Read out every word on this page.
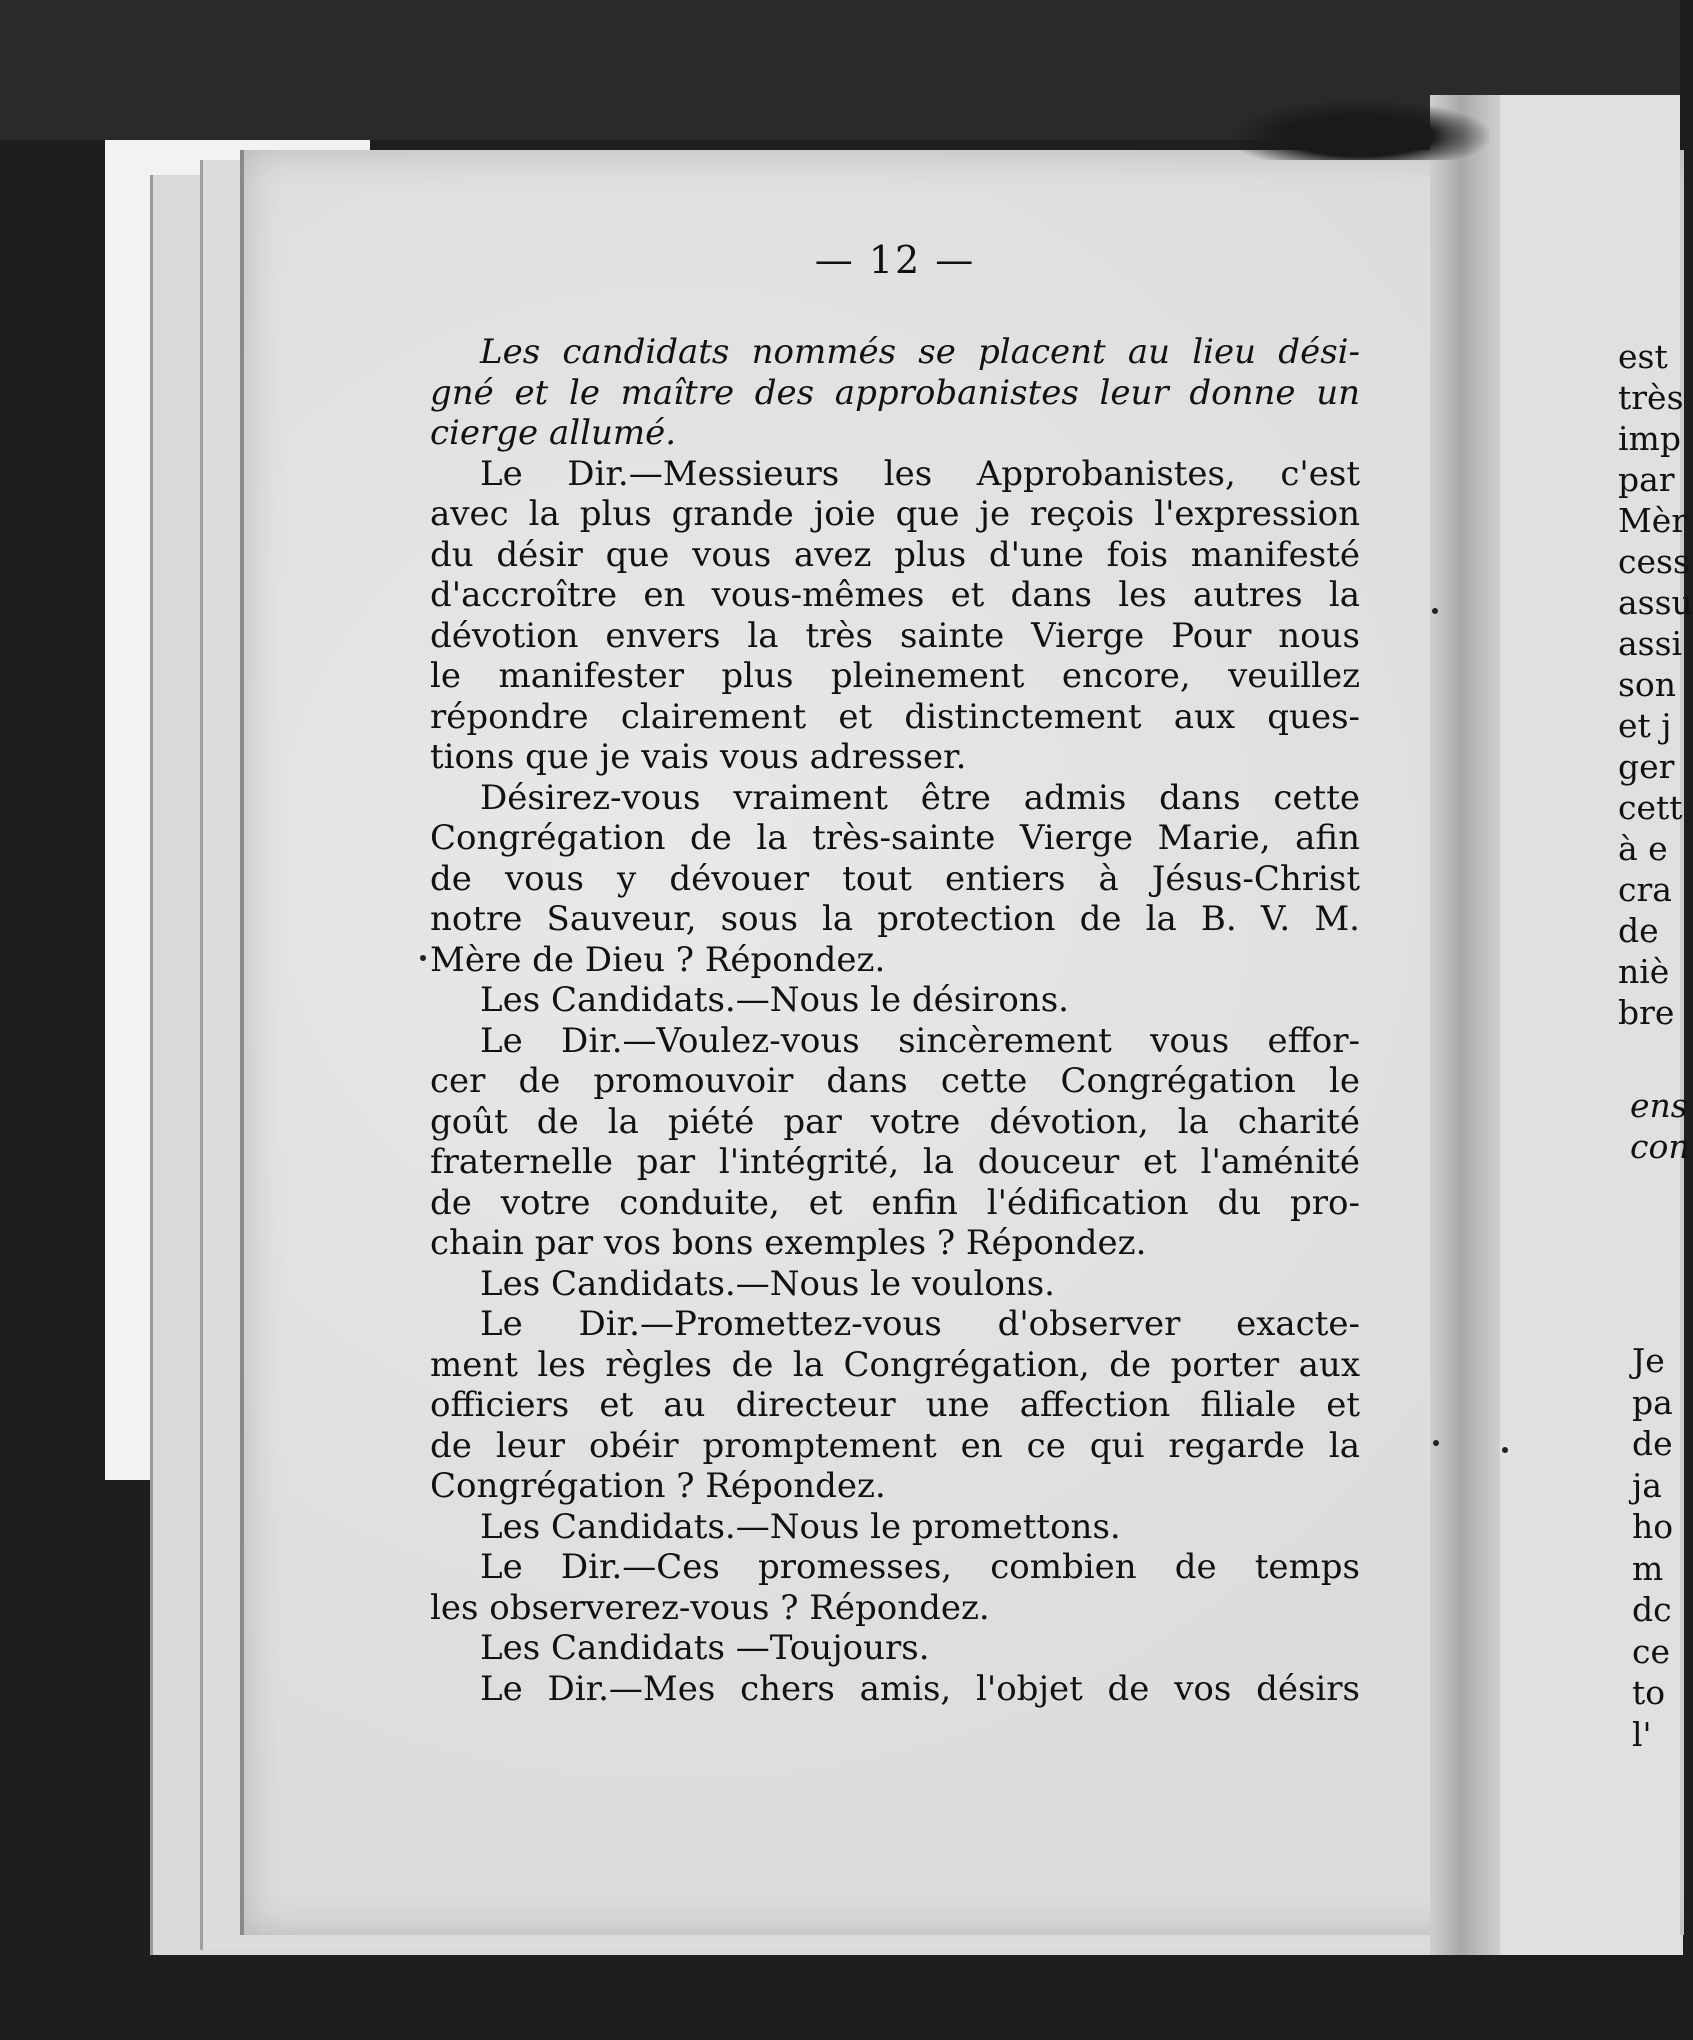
— 12 —
Les candidats nommés se placent au lieu dési-
gné et le maître des approbanistes leur donne un
cierge allumé.
Le Dir.—Messieurs les Approbanistes, c'est
avec la plus grande joie que je reçois l'expression
du désir que vous avez plus d'une fois manifesté
d'accroître en vous-mêmes et dans les autres la
dévotion envers la très sainte Vierge Pour nous
le manifester plus pleinement encore, veuillez
répondre clairement et distinctement aux ques-
tions que je vais vous adresser.
Désirez-vous vraiment être admis dans cette
Congrégation de la très-sainte Vierge Marie, afin
de vous y dévouer tout entiers à Jésus-Christ
notre Sauveur, sous la protection de la B. V. M.
Mère de Dieu ? Répondez.
Les Candidats.—Nous le désirons.
Le Dir.—Voulez-vous sincèrement vous effor-
cer de promouvoir dans cette Congrégation le
goût de la piété par votre dévotion, la charité
fraternelle par l'intégrité, la douceur et l'aménité
de votre conduite, et enfin l'édification du pro-
chain par vos bons exemples ? Répondez.
Les Candidats.—Nous le voulons.
Le Dir.—Promettez-vous d'observer exacte-
ment les règles de la Congrégation, de porter aux
officiers et au directeur une affection filiale et
de leur obéir promptement en ce qui regarde la
Congrégation ? Répondez.
Les Candidats.—Nous le promettons.
Le Dir.—Ces promesses, combien de temps
les observerez-vous ? Répondez.
Les Candidats —Toujours.
Le Dir.—Mes chers amis, l'objet de vos désirs
est
très
imp
par
Mèr
cess
assu
assi
son
et j
ger
cett
à e
cra
de
niè
bre
ens
con
Je
pa
de
ja
ho
m
dc
ce
to
l'
